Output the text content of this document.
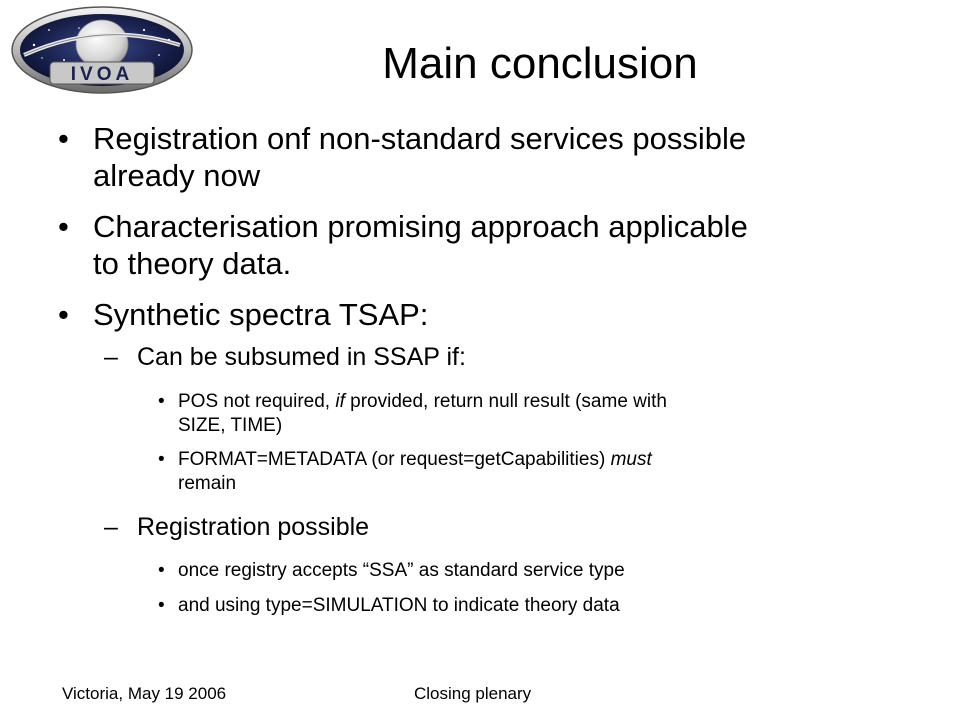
IVOA	Main conclusion
• Registration onf non-standard services possible
already now
• Characterisation promising approach applicable
to theory data.
• Synthetic spectra TSAP:
– Can be subsumed in SSAP if:
• POS not required, if provided, return null result (same with
SIZE, TIME)
• FORMAT=METADATA (or request=getCapabilities) must
remain
– Registration possible
• once registry accepts “SSA” as standard service type
• and using type=SIMULATION to indicate theory data
Victoria, May 19 2006	Closing plenary
